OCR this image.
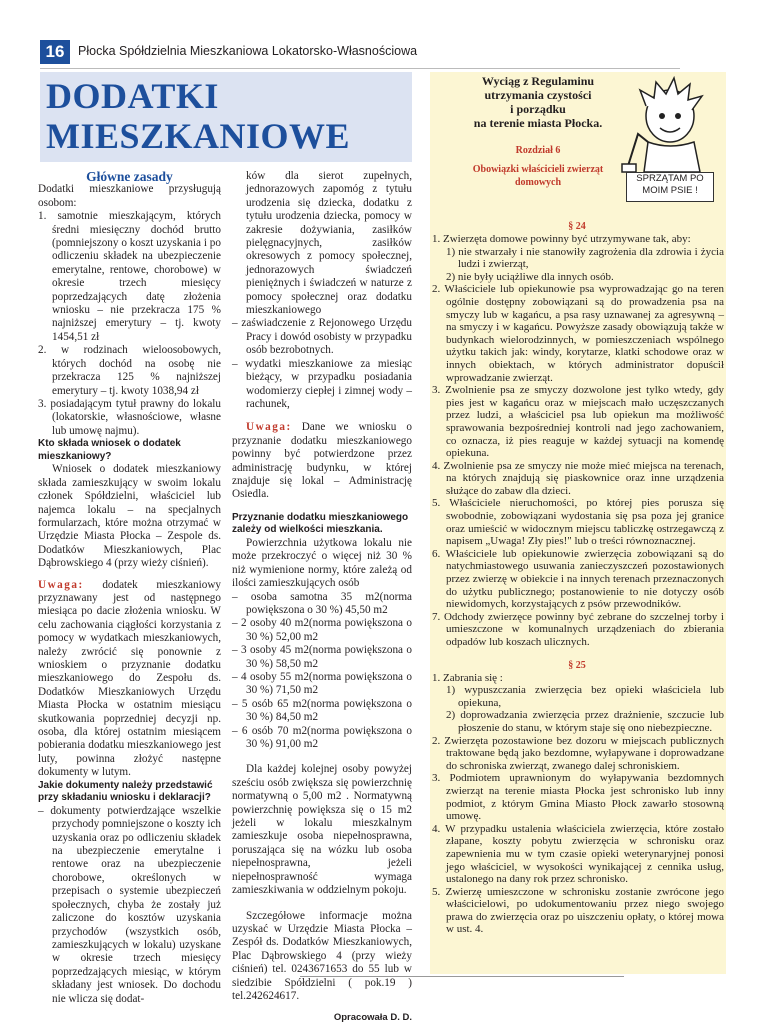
16	Płocka Spółdzielnia Mieszkaniowa Lokatorsko-Własnościowa
DODATKI
MIESZKANIOWE

Główne zasady

Dodatki mieszkaniowe przysługują osobom:

1. samotnie mieszkającym, których średni miesięczny dochód brutto (pomniejszony o koszt uzyskania i po odliczeniu składek na ubezpieczenie emerytalne, rentowe, chorobowe) w okresie trzech miesięcy poprzedzających datę złożenia wniosku – nie przekracza 175 % najniższej emerytury – tj. kwoty 1454,51 zł

2. w rodzinach wieloosobowych, których dochód na osobę nie przekracza 125 % najniższej emerytury – tj. kwoty 1038,94 zł

3. posiadającym tytuł prawny do lokalu (lokatorskie, własnościowe, własne lub umowę najmu).

Kto składa wniosek o dodatek mieszkaniowy?

Wniosek o dodatek mieszkaniowy składa zamieszkujący w swoim lokalu członek Spółdzielni, właściciel lub najemca lokalu – na specjalnych formularzach, które można otrzymać w Urzędzie Miasta Płocka – Zespole ds. Dodatków Mieszkaniowych, Plac Dąbrowskiego 4 (przy wieży ciśnień).

Uwaga: dodatek mieszkaniowy przyznawany jest od następnego miesiąca po dacie złożenia wniosku. W celu zachowania ciągłości korzystania z pomocy w wydatkach mieszkaniowych, należy zwrócić się ponownie z wnioskiem o przyznanie dodatku mieszkaniowego do Zespołu ds. Dodatków Mieszkaniowych Urzędu Miasta Płocka w ostatnim miesiącu skutkowania poprzedniej decyzji np. osoba, dla której ostatnim miesiącem pobierania dodatku mieszkaniowego jest luty, powinna złożyć następne dokumenty w lutym.

Jakie dokumenty należy przedstawić przy składaniu wniosku i deklaracji?

– dokumenty potwierdzające wszelkie przychody pomniejszone o koszty ich uzyskania oraz po odliczeniu składek na ubezpieczenie emerytalne i rentowe oraz na ubezpieczenie chorobowe, określonych w przepisach o systemie ubezpieczeń społecznych, chyba że zostały już zaliczone do kosztów uzyskania przychodów (wszystkich osób, zamieszkujących w lokalu) uzyskane w okresie trzech miesięcy poprzedzających miesiąc, w którym składany jest wniosek. Do dochodu nie wlicza się dodat-

ków dla sierot zupełnych, jednorazowych zapomóg z tytułu urodzenia się dziecka, dodatku z tytułu urodzenia dziecka, pomocy w zakresie dożywiania, zasiłków pielęgnacyjnych, zasiłków okresowych z pomocy społecznej, jednorazowych świadczeń pieniężnych i świadczeń w naturze z pomocy społecznej oraz dodatku mieszkaniowego

– zaświadczenie z Rejonowego Urzędu Pracy i dowód osobisty w przypadku osób bezrobotnych.

– wydatki mieszkaniowe za miesiąc bieżący, w przypadku posiadania wodomierzy ciepłej i zimnej wody – rachunek,

Uwaga: Dane we wniosku o przyznanie dodatku mieszkaniowego powinny być potwierdzone przez administrację budynku, w której znajduje się lokal – Administrację Osiedla.

Przyznanie dodatku mieszkaniowego zależy od wielkości mieszkania.

Powierzchnia użytkowa lokalu nie może przekroczyć o więcej niż 30 % niż wymienione normy, które zależą od ilości zamieszkujących osób

– osoba samotna 35 m2(norma powiększona o 30 %) 45,50 m2

– 2 osoby 40 m2(norma powiększona o 30 %) 52,00 m2

– 3 osoby 45 m2(norma powiększona o 30 %) 58,50 m2

– 4 osoby 55 m2(norma powiększona o 30 %) 71,50 m2

– 5 osób 65 m2(norma powiększona o 30 %) 84,50 m2

– 6 osób 70 m2(norma powiększona o 30 %) 91,00 m2

Dla każdej kolejnej osoby powyżej sześciu osób zwiększa się powierzchnię normatywną o 5,00 m2 . Normatywną powierzchnię powiększa się o 15 m2 jeżeli w lokalu mieszkalnym zamieszkuje osoba niepełnosprawna, poruszająca się na wózku lub osoba niepełnosprawna, jeżeli niepełnosprawność wymaga zamieszkiwania w oddzielnym pokoju.

Szczegółowe informacje można uzyskać w Urzędzie Miasta Płocka – Zespół ds. Dodatków Mieszkaniowych, Plac Dąbrowskiego 4 (przy wieży ciśnień) tel. 0243671653 do 55 lub w siedzibie Spółdzielni ( pok.19 ) tel.242624617.

Opracowała D. D.

Wyciąg z Regulaminu
utrzymania czystości
i porządku
na terenie miasta Płocka.
Rozdział 6
Obowiązki właścicieli zwierząt domowych
§ 24

1. Zwierzęta domowe powinny być utrzymywane tak, aby:

1) nie stwarzały i nie stanowiły zagrożenia dla zdrowia i życia ludzi i zwierząt,

2) nie były uciążliwe dla innych osób.

2. Właściciele lub opiekunowie psa wyprowadzając go na teren ogólnie dostępny zobowiązani są do prowadzenia psa na smyczy lub w kagańcu, a psa rasy uznawanej za agresywną – na smyczy i w kagańcu. Powyższe zasady obowiązują także w budynkach wielorodzinnych, w pomieszczeniach wspólnego użytku takich jak: windy, korytarze, klatki schodowe oraz w innych obiektach, w których administrator dopuścił wprowadzanie zwierząt.

3. Zwolnienie psa ze smyczy dozwolone jest tylko wtedy, gdy pies jest w kagańcu oraz w miejscach mało uczęszczanych przez ludzi, a właściciel psa lub opiekun ma możliwość sprawowania bezpośredniej kontroli nad jego zachowaniem, co oznacza, iż pies reaguje w każdej sytuacji na komendę opiekuna.

4. Zwolnienie psa ze smyczy nie może mieć miejsca na terenach, na których znajdują się piaskownice oraz inne urządzenia służące do zabaw dla dzieci.

5. Właściciele nieruchomości, po której pies porusza się swobodnie, zobowiązani wydostania się psa poza jej granice oraz umieścić w widocznym miejscu tabliczkę ostrzegawczą z napisem „Uwaga! Zły pies!" lub o treści równoznacznej.

6. Właściciele lub opiekunowie zwierzęcia zobowiązani są do natychmiastowego usuwania zanieczyszczeń pozostawionych przez zwierzę w obiekcie i na innych terenach przeznaczonych do użytku publicznego; postanowienie to nie dotyczy osób niewidomych, korzystających z psów przewodników.

7. Odchody zwierzęce powinny być zebrane do szczelnej torby i umieszczone w komunalnych urządzeniach do zbierania odpadów lub koszach ulicznych.

§ 25

1. Zabrania się :

1) wypuszczania zwierzęcia bez opieki właściciela lub opiekuna,

2) doprowadzania zwierzęcia przez drażnienie, szczucie lub płoszenie do stanu, w którym staje się ono niebezpieczne.

2. Zwierzęta pozostawione bez dozoru w miejscach publicznych traktowane będą jako bezdomne, wyłapywane i doprowadzane do schroniska zwierząt, zwanego dalej schroniskiem.

3. Podmiotem uprawnionym do wyłapywania bezdomnych zwierząt na terenie miasta Płocka jest schronisko lub inny podmiot, z którym Gmina Miasto Płock zawarło stosowną umowę.

4. W przypadku ustalenia właściciela zwierzęcia, które zostało złapane, koszty pobytu zwierzęcia w schronisku oraz zapewnienia mu w tym czasie opieki weterynaryjnej ponosi jego właściciel, w wysokości wynikającej z cennika usług, ustalonego na dany rok przez schronisko.

5. Zwierzę umieszczone w schronisku zostanie zwrócone jego właścicielowi, po udokumentowaniu przez niego swojego prawa do zwierzęcia oraz po uiszczeniu opłaty, o której mowa w ust. 4.

SPRZĄTAM PO MOIM PSIE !
